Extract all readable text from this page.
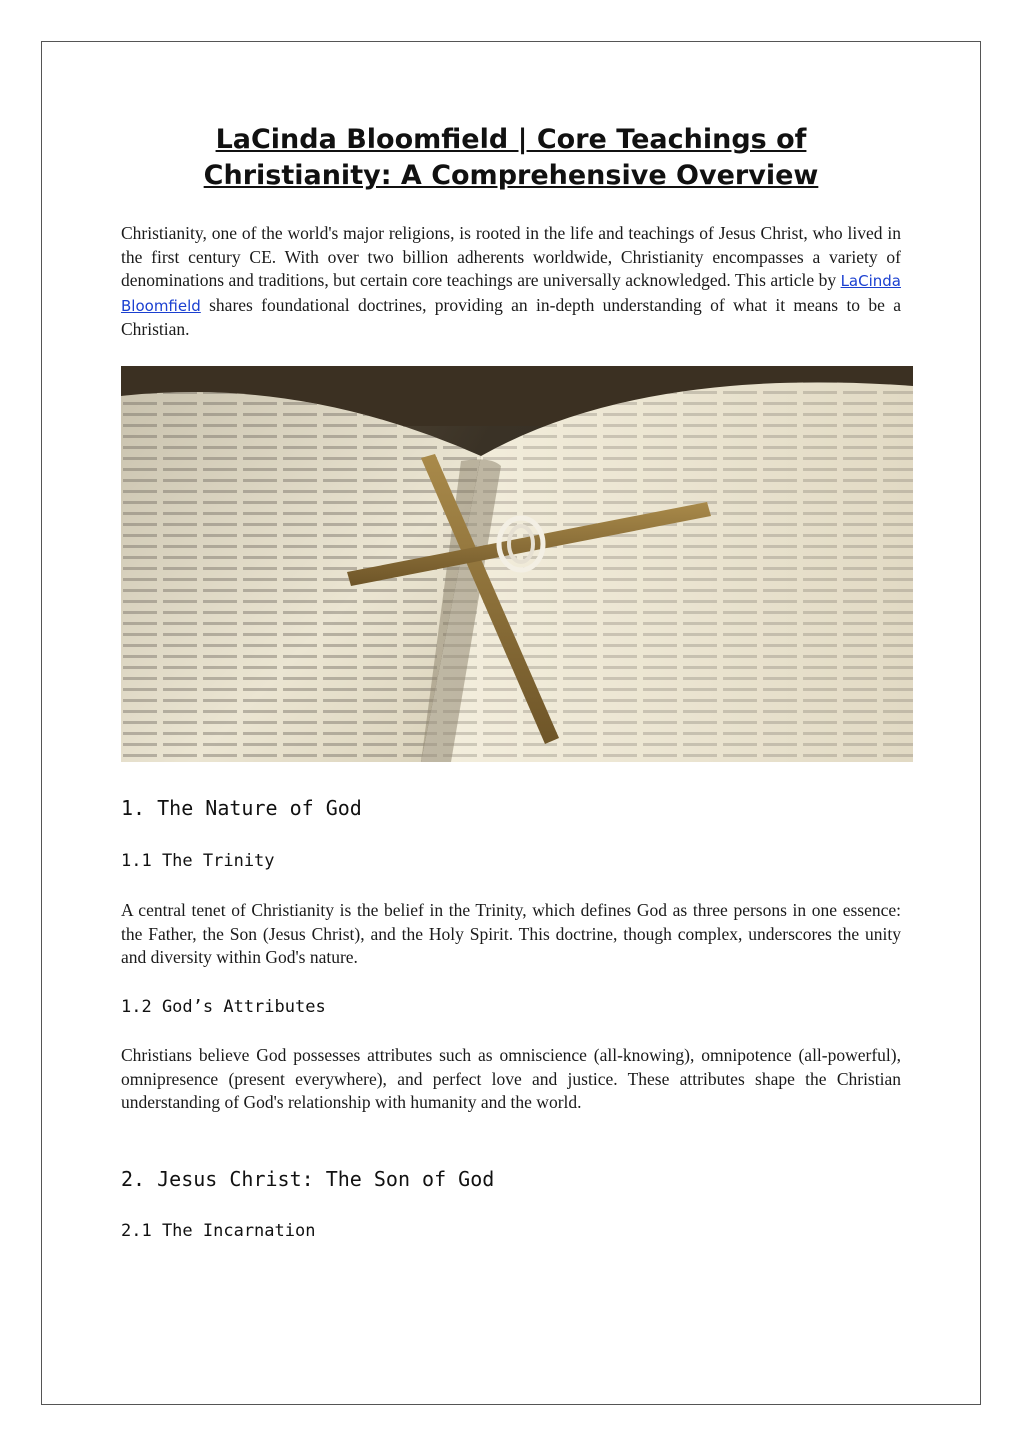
LaCinda Bloomfield | Core Teachings of Christianity: A Comprehensive Overview

Christianity, one of the world's major religions, is rooted in the life and teachings of Jesus Christ, who lived in the first century CE. With over two billion adherents worldwide, Christianity encompasses a variety of denominations and traditions, but certain core teachings are universally acknowledged. This article by LaCinda Bloomfield shares foundational doctrines, providing an in-depth understanding of what it means to be a Christian.

1. The Nature of God
1.1 The Trinity

A central tenet of Christianity is the belief in the Trinity, which defines God as three persons in one essence: the Father, the Son (Jesus Christ), and the Holy Spirit. This doctrine, though complex, underscores the unity and diversity within God's nature.

1.2 God’s Attributes

Christians believe God possesses attributes such as omniscience (all-knowing), omnipotence (all-powerful), omnipresence (present everywhere), and perfect love and justice. These attributes shape the Christian understanding of God's relationship with humanity and the world.

2. Jesus Christ: The Son of God
2.1 The Incarnation
